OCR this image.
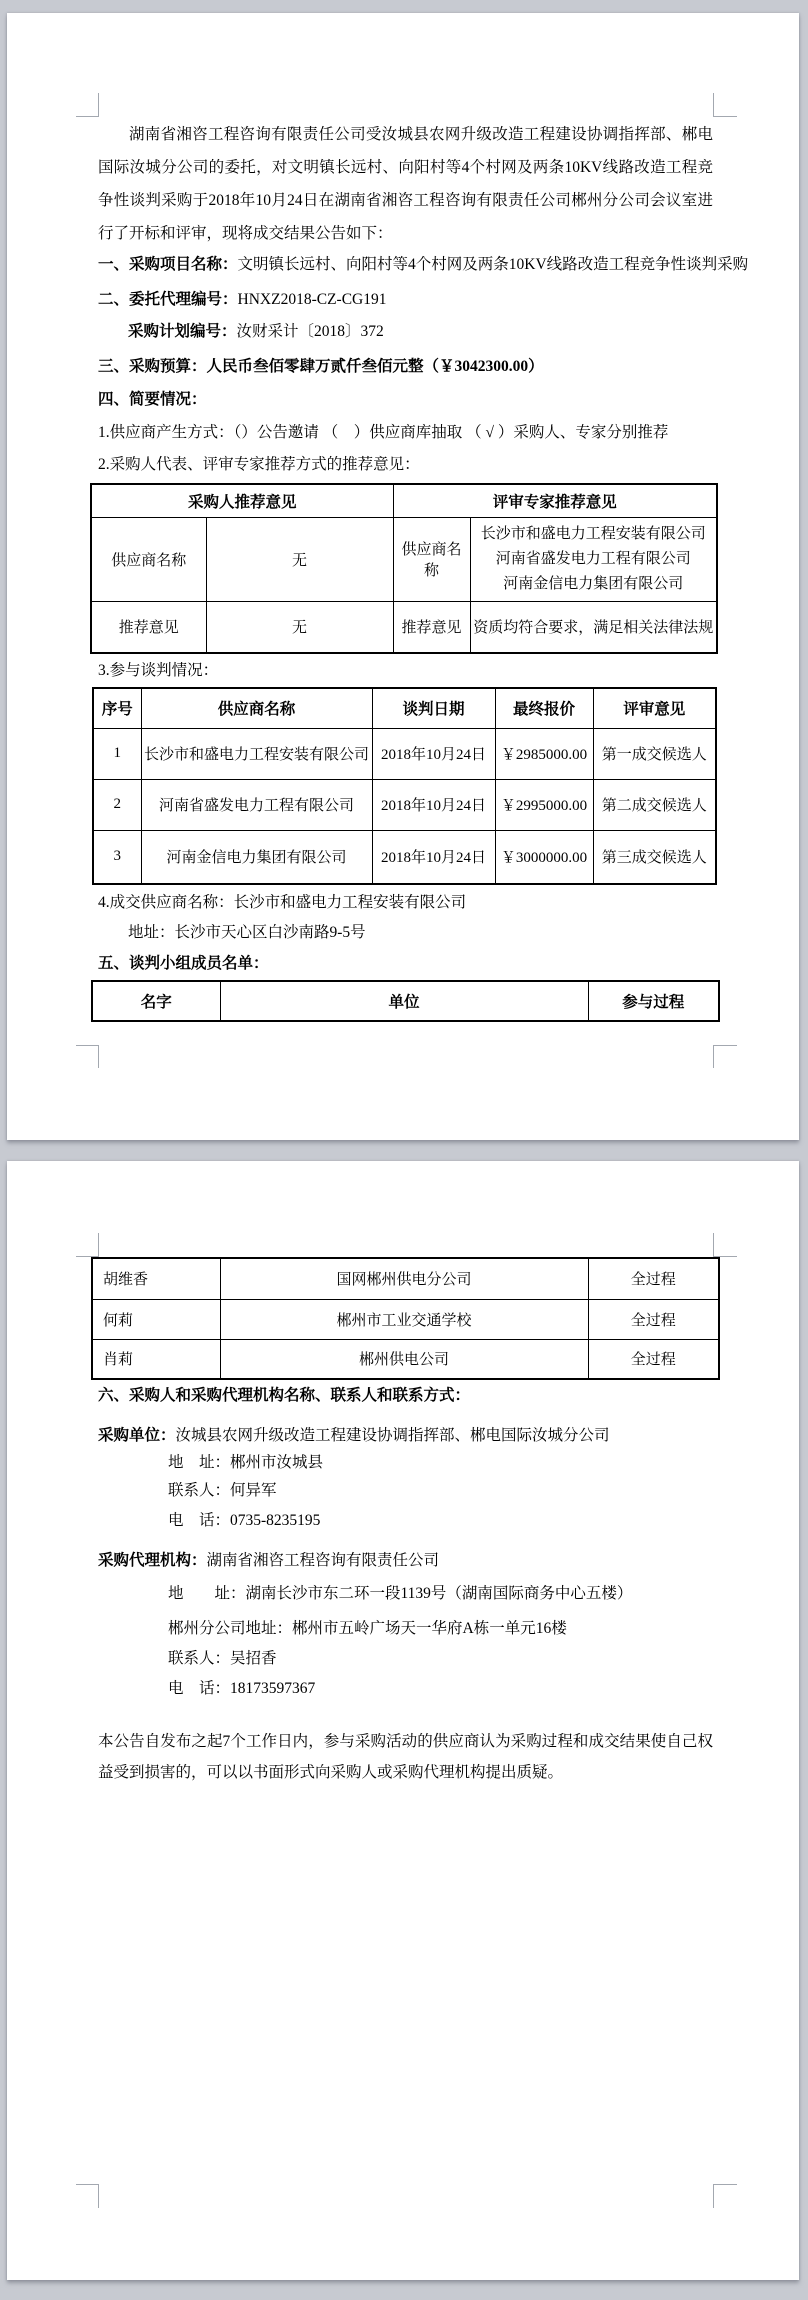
湖南省湘咨工程咨询有限责任公司受汝城县农网升级改造工程建设协调指挥部、郴电国际汝城分公司的委托，对文明镇长远村、向阳村等4个村网及两条10KV线路改造工程竞争性谈判采购于2018年10月24日在湖南省湘咨工程咨询有限责任公司郴州分公司会议室进行了开标和评审，现将成交结果公告如下：
一、采购项目名称：文明镇长远村、向阳村等4个村网及两条10KV线路改造工程竞争性谈判采购
二、委托代理编号：HNXZ2018-CZ-CG191
采购计划编号：汝财采计〔2018〕372
三、采购预算：人民币叁佰零肆万贰仟叁佰元整（￥3042300.00）
四、简要情况：
1.供应商产生方式：（）公告邀请 （　）供应商库抽取 （ √ ）采购人、专家分别推荐
2.采购人代表、评审专家推荐方式的推荐意见：
采购人推荐意见		评审专家推荐意见	
供应商名称	无	供应商名称	长沙市和盛电力工程安装有限公司
河南省盛发电力工程有限公司
河南金信电力集团有限公司

推荐意见	无	推荐意见	资质均符合要求，满足相关法律法规
3.参与谈判情况：
序号	供应商名称	谈判日期	最终报价	评审意见
1	长沙市和盛电力工程安装有限公司	2018年10月24日	￥2985000.00	第一成交候选人
2	河南省盛发电力工程有限公司	2018年10月24日	￥2995000.00	第二成交候选人
3	河南金信电力集团有限公司	2018年10月24日	￥3000000.00	第三成交候选人
4.成交供应商名称：长沙市和盛电力工程安装有限公司
地址：长沙市天心区白沙南路9-5号
五、谈判小组成员名单：
名字	单位	参与过程
胡维香	国网郴州供电分公司	全过程
何莉	郴州市工业交通学校	全过程
肖莉	郴州供电公司	全过程
六、采购人和采购代理机构名称、联系人和联系方式：
采购单位：汝城县农网升级改造工程建设协调指挥部、郴电国际汝城分公司
地　址：郴州市汝城县
联系人：何异军
电　话：0735-8235195
采购代理机构：湖南省湘咨工程咨询有限责任公司
地　　址：湖南长沙市东二环一段1139号（湖南国际商务中心五楼）
郴州分公司地址：郴州市五岭广场天一华府A栋一单元16楼
联系人：吴招香
电　话：18173597367
本公告自发布之起7个工作日内，参与采购活动的供应商认为采购过程和成交结果使自己权益受到损害的，可以以书面形式向采购人或采购代理机构提出质疑。
